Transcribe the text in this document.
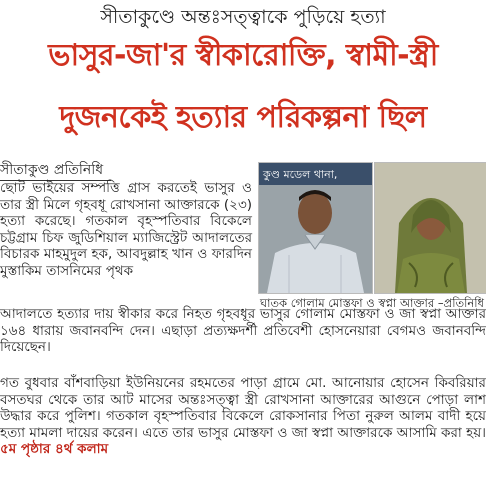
সীতাকুণ্ডে অন্তঃসত্ত্বাকে পুড়িয়ে হত্যা
ভাসুর-জা'র স্বীকারোক্তি, স্বামী-স্ত্রী
দুজনকেই হত্যার পরিকল্পনা ছিল
সীতাকুণ্ড প্রতিনিধি	কুণ্ড মডেল থানা,
ঘাতক গোলাম মোস্তফা ও স্বপ্না আক্তার –প্রতিনিধি
ছোট ভাইয়ের সম্পত্তি গ্রাস করতেই ভাসুর ও তার স্ত্রী মিলে গৃহবধূ রোখসানা আক্তারকে (২৩) হত্যা করেছে। গতকাল বৃহস্পতিবার বিকেলে চট্টগ্রাম চিফ জুডিশিয়াল ম্যাজিস্ট্রেট আদালতের বিচারক মাহমুদুল হক, আবদুল্লাহ খান ও ফারদিন মুস্তাকিম তাসনিমের পৃথক
আদালতে হত্যার দায় স্বীকার করে নিহত গৃহবধূর ভাসুর গোলাম মোস্তফা ও জা স্বপ্না আক্তার ১৬৪ ধারায় জবানবন্দি দেন। এছাড়া প্রত্যক্ষদর্শী প্রতিবেশী হোসনেয়ারা বেগমও জবানবন্দি দিয়েছেন।
গত বুধবার বাঁশবাড়িয়া ইউনিয়নের রহমতের পাড়া গ্রামে মো. আনোয়ার হোসেন কিবরিয়ার বসতঘর থেকে তার আট মাসের অন্তঃসত্ত্বা স্ত্রী রোখসানা আক্তারের আগুনে পোড়া লাশ উদ্ধার করে পুলিশ। গতকাল বৃহস্পতিবার বিকেলে রোকসানার পিতা নুরুল আলম বাদী হয়ে হত্যা মামলা দায়ের করেন। এতে তার ভাসুর মোস্তফা ও জা স্বপ্না আক্তারকে আসামি করা হয়। ৫ম পৃষ্ঠার ৪র্থ কলাম
